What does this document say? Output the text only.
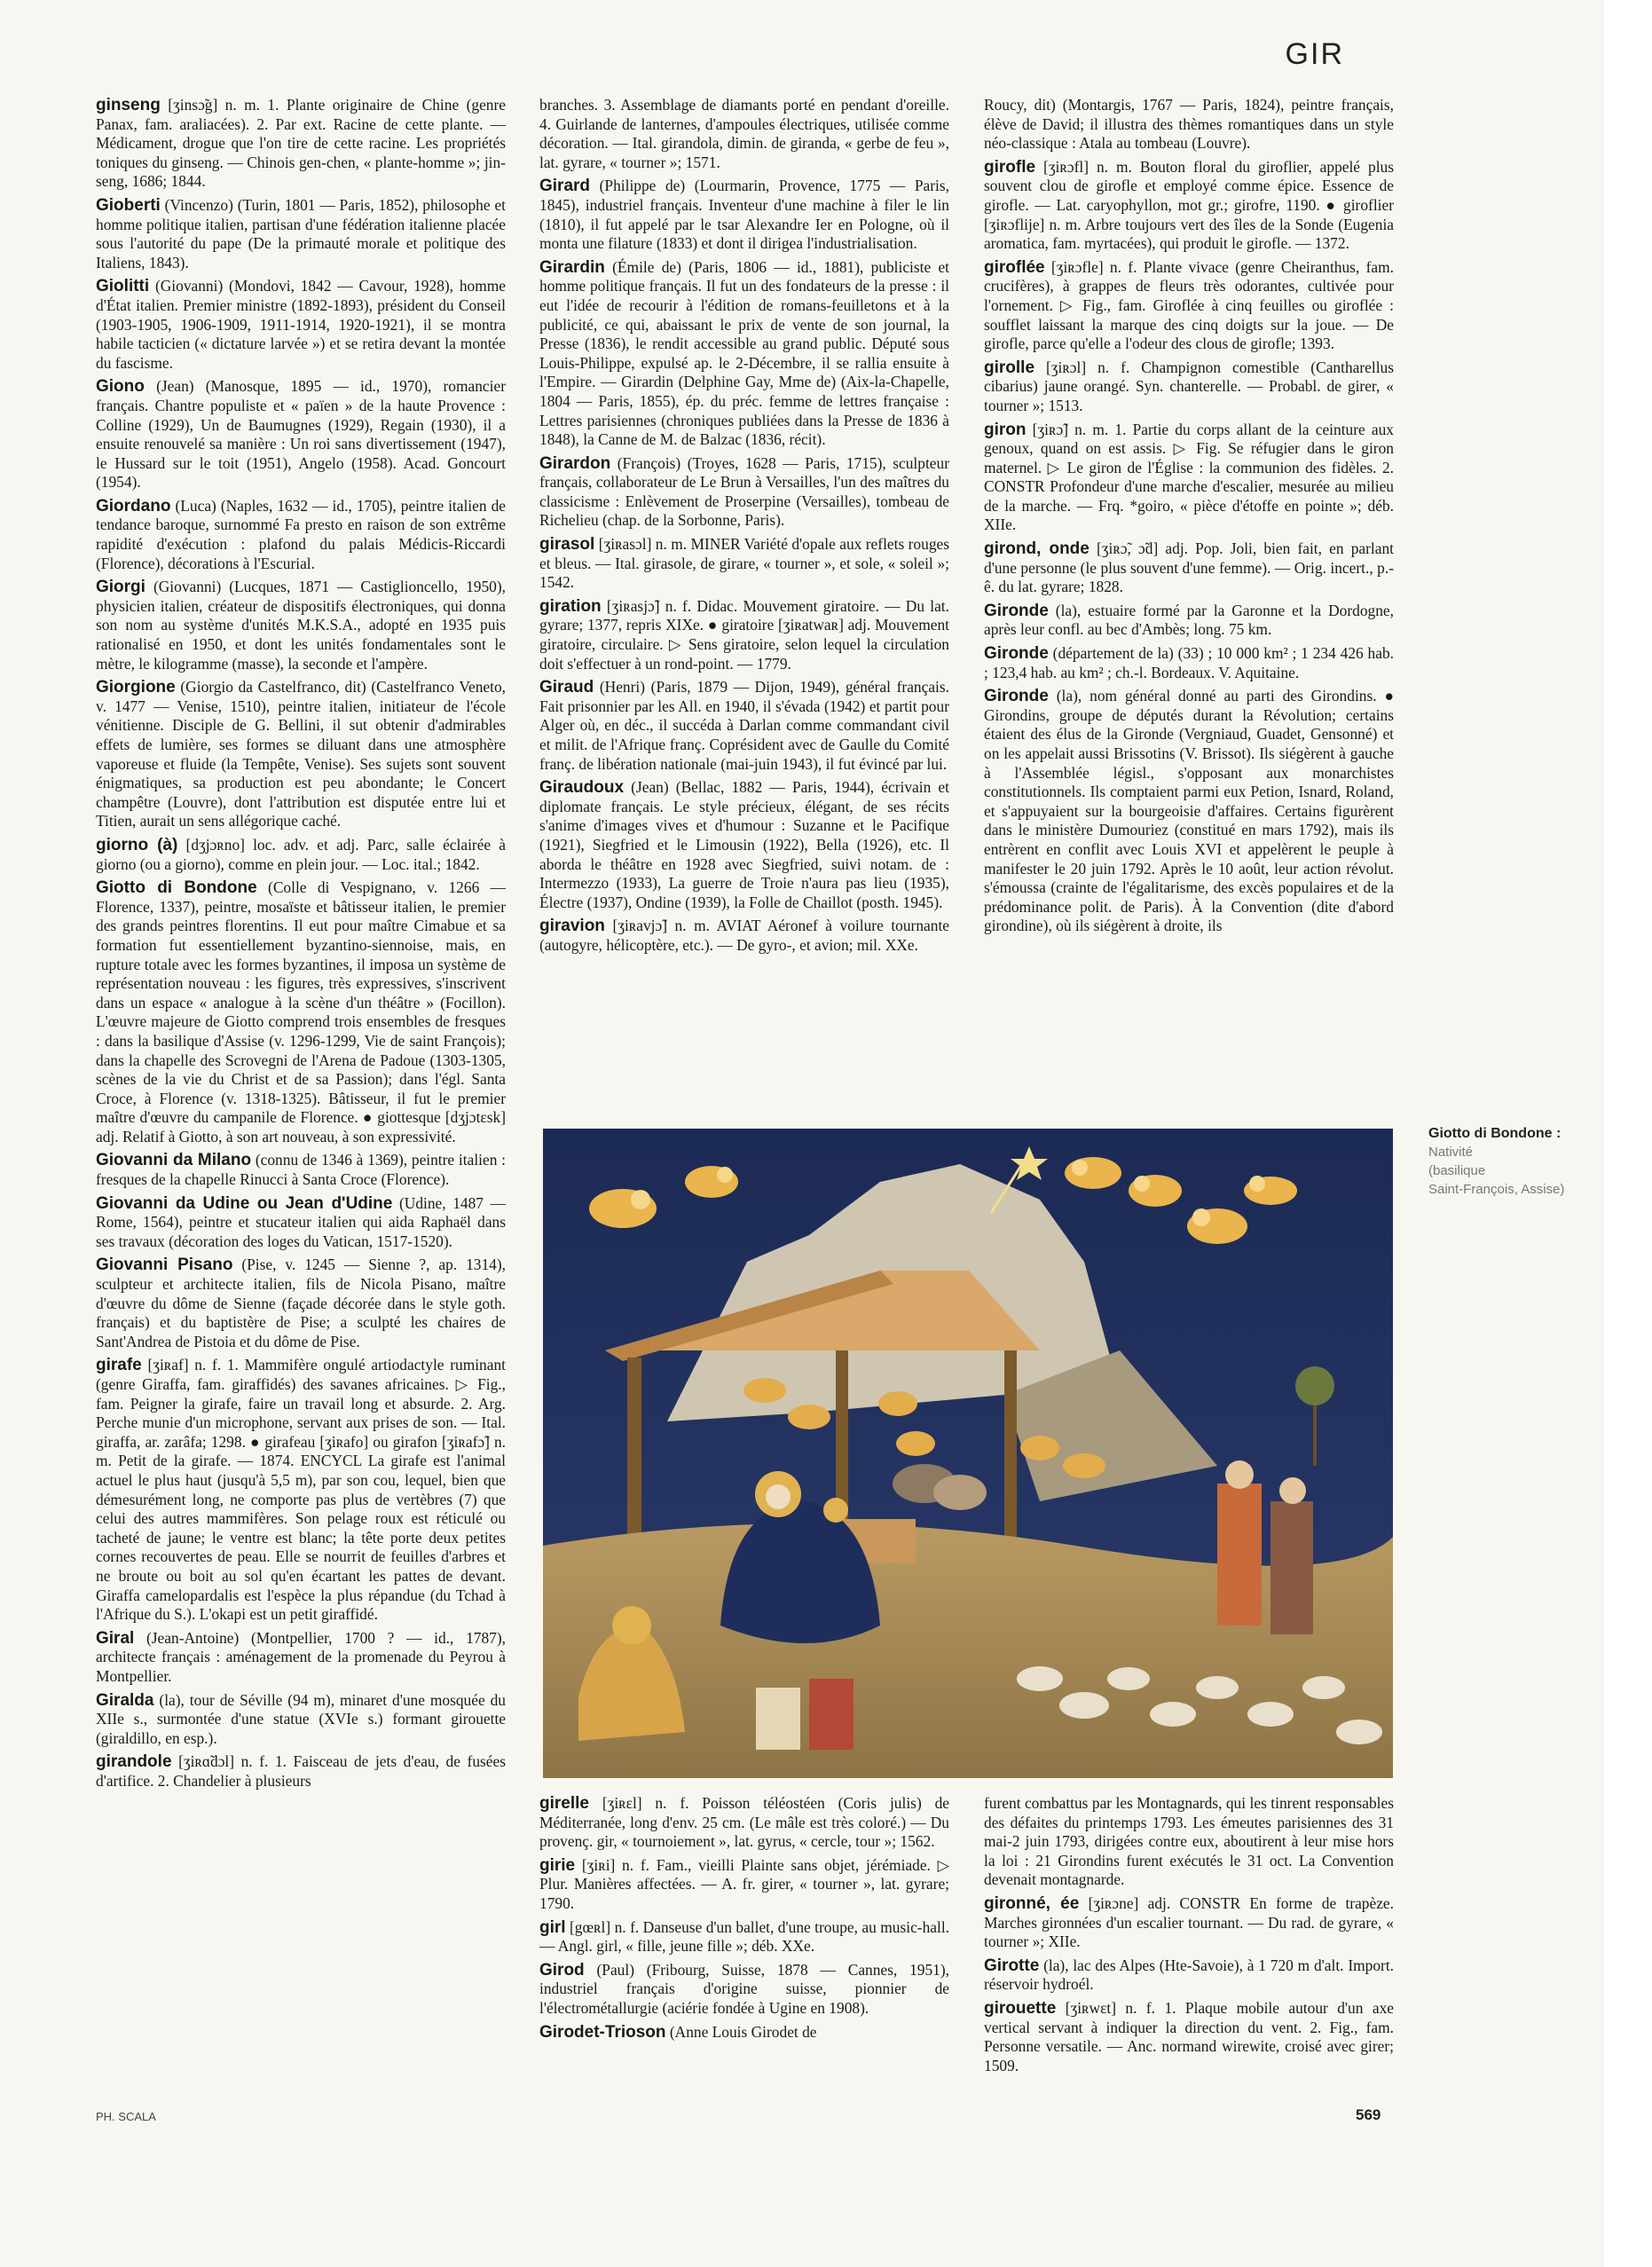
GIR
ginseng [ʒinsɔ̃g] n. m. 1. Plante originaire de Chine (genre Panax, fam. araliacées). 2. Par ext. Racine de cette plante. — Médicament, drogue que l'on tire de cette racine. Les propriétés toniques du ginseng. — Chinois gen-chen, « plante-homme »; jin-seng, 1686; 1844.
Gioberti (Vincenzo) (Turin, 1801 — Paris, 1852), philosophe et homme politique italien, partisan d'une fédération italienne placée sous l'autorité du pape (De la primauté morale et politique des Italiens, 1843).
Giolitti (Giovanni) (Mondovi, 1842 — Cavour, 1928), homme d'État italien. Premier ministre (1892-1893), président du Conseil (1903-1905, 1906-1909, 1911-1914, 1920-1921), il se montra habile tacticien (« dictature larvée ») et se retira devant la montée du fascisme.
Giono (Jean) (Manosque, 1895 — id., 1970), romancier français. Chantre populiste et « païen » de la haute Provence : Colline (1929), Un de Baumugnes (1929), Regain (1930), il a ensuite renouvelé sa manière : Un roi sans divertissement (1947), le Hussard sur le toit (1951), Angelo (1958). Acad. Goncourt (1954).
Giordano (Luca) (Naples, 1632 — id., 1705), peintre italien de tendance baroque, surnommé Fa presto en raison de son extrême rapidité d'exécution : plafond du palais Médicis-Riccardi (Florence), décorations à l'Escurial.
Giorgi (Giovanni) (Lucques, 1871 — Castiglioncello, 1950), physicien italien, créateur de dispositifs électroniques, qui donna son nom au système d'unités M.K.S.A., adopté en 1935 puis rationalisé en 1950, et dont les unités fondamentales sont le mètre, le kilogramme (masse), la seconde et l'ampère.
Giorgione (Giorgio da Castelfranco, dit) (Castelfranco Veneto, v. 1477 — Venise, 1510), peintre italien, initiateur de l'école vénitienne. Disciple de G. Bellini, il sut obtenir d'admirables effets de lumière, ses formes se diluant dans une atmosphère vaporeuse et fluide (la Tempête, Venise). Ses sujets sont souvent énigmatiques, sa production est peu abondante; le Concert champêtre (Louvre), dont l'attribution est disputée entre lui et Titien, aurait un sens allégorique caché.
giorno (à) [dʒjɔʀno] loc. adv. et adj. Parc, salle éclairée à giorno (ou a giorno), comme en plein jour. — Loc. ital.; 1842.
Giotto di Bondone (Colle di Vespignano, v. 1266 — Florence, 1337), peintre, mosaïste et bâtisseur italien, le premier des grands peintres florentins. Il eut pour maître Cimabue et sa formation fut essentiellement byzantino-siennoise, mais, en rupture totale avec les formes byzantines, il imposa un système de représentation nouveau : les figures, très expressives, s'inscrivent dans un espace « analogue à la scène d'un théâtre » (Focillon). L'œuvre majeure de Giotto comprend trois ensembles de fresques : dans la basilique d'Assise (v. 1296-1299, Vie de saint François); dans la chapelle des Scrovegni de l'Arena de Padoue (1303-1305, scènes de la vie du Christ et de sa Passion); dans l'égl. Santa Croce, à Florence (v. 1318-1325). Bâtisseur, il fut le premier maître d'œuvre du campanile de Florence. ● giottesque [dʒjɔtɛsk] adj. Relatif à Giotto, à son art nouveau, à son expressivité.
Giovanni da Milano (connu de 1346 à 1369), peintre italien : fresques de la chapelle Rinucci à Santa Croce (Florence).
Giovanni da Udine ou Jean d'Udine (Udine, 1487 — Rome, 1564), peintre et stucateur italien qui aida Raphaël dans ses travaux (décoration des loges du Vatican, 1517-1520).
Giovanni Pisano (Pise, v. 1245 — Sienne ?, ap. 1314), sculpteur et architecte italien, fils de Nicola Pisano, maître d'œuvre du dôme de Sienne (façade décorée dans le style goth. français) et du baptistère de Pise; a sculpté les chaires de Sant'Andrea de Pistoia et du dôme de Pise.
girafe [ʒiʀaf] n. f. 1. Mammifère ongulé artiodactyle ruminant (genre Giraffa, fam. giraffidés) des savanes africaines. ▷ Fig., fam. Peigner la girafe, faire un travail long et absurde. 2. Arg. Perche munie d'un microphone, servant aux prises de son. — Ital. giraffa, ar. zarâfa; 1298. ● girafeau [ʒiʀafo] ou girafon [ʒiʀafɔ̃] n. m. Petit de la girafe. — 1874. ENCYCL La girafe est l'animal actuel le plus haut (jusqu'à 5,5 m), par son cou, lequel, bien que démesurément long, ne comporte pas plus de vertèbres (7) que celui des autres mammifères. Son pelage roux est réticulé ou tacheté de jaune; le ventre est blanc; la tête porte deux petites cornes recouvertes de peau. Elle se nourrit de feuilles d'arbres et ne broute ou boit au sol qu'en écartant les pattes de devant. Giraffa camelopardalis est l'espèce la plus répandue (du Tchad à l'Afrique du S.). L'okapi est un petit giraffidé.
Giral (Jean-Antoine) (Montpellier, 1700 ? — id., 1787), architecte français : aménagement de la promenade du Peyrou à Montpellier.
Giralda (la), tour de Séville (94 m), minaret d'une mosquée du XIIe s., surmontée d'une statue (XVIe s.) formant girouette (giraldillo, en esp.).
girandole [ʒiʀɑ̃dɔl] n. f. 1. Faisceau de jets d'eau, de fusées d'artifice. 2. Chandelier à plusieurs
branches. 3. Assemblage de diamants porté en pendant d'oreille. 4. Guirlande de lanternes, d'ampoules électriques, utilisée comme décoration. — Ital. girandola, dimin. de giranda, « gerbe de feu », lat. gyrare, « tourner »; 1571.
Girard (Philippe de) (Lourmarin, Provence, 1775 — Paris, 1845), industriel français. Inventeur d'une machine à filer le lin (1810), il fut appelé par le tsar Alexandre Ier en Pologne, où il monta une filature (1833) et dont il dirigea l'industrialisation.
Girardin (Émile de) (Paris, 1806 — id., 1881), publiciste et homme politique français. Il fut un des fondateurs de la presse : il eut l'idée de recourir à l'édition de romans-feuilletons et à la publicité, ce qui, abaissant le prix de vente de son journal, la Presse (1836), le rendit accessible au grand public. Député sous Louis-Philippe, expulsé ap. le 2-Décembre, il se rallia ensuite à l'Empire. — Girardin (Delphine Gay, Mme de) (Aix-la-Chapelle, 1804 — Paris, 1855), ép. du préc. femme de lettres française : Lettres parisiennes (chroniques publiées dans la Presse de 1836 à 1848), la Canne de M. de Balzac (1836, récit).
Girardon (François) (Troyes, 1628 — Paris, 1715), sculpteur français, collaborateur de Le Brun à Versailles, l'un des maîtres du classicisme : Enlèvement de Proserpine (Versailles), tombeau de Richelieu (chap. de la Sorbonne, Paris).
girasol [ʒiʀasɔl] n. m. MINER Variété d'opale aux reflets rouges et bleus. — Ital. girasole, de girare, « tourner », et sole, « soleil »; 1542.
giration [ʒiʀasjɔ̃] n. f. Didac. Mouvement giratoire. — Du lat. gyrare; 1377, repris XIXe. ● giratoire [ʒiʀatwaʀ] adj. Mouvement giratoire, circulaire. ▷ Sens giratoire, selon lequel la circulation doit s'effectuer à un rond-point. — 1779.
Giraud (Henri) (Paris, 1879 — Dijon, 1949), général français. Fait prisonnier par les All. en 1940, il s'évada (1942) et partit pour Alger où, en déc., il succéda à Darlan comme commandant civil et milit. de l'Afrique franç. Coprésident avec de Gaulle du Comité franç. de libération nationale (mai-juin 1943), il fut évincé par lui.
Giraudoux (Jean) (Bellac, 1882 — Paris, 1944), écrivain et diplomate français. Le style précieux, élégant, de ses récits s'anime d'images vives et d'humour : Suzanne et le Pacifique (1921), Siegfried et le Limousin (1922), Bella (1926), etc. Il aborda le théâtre en 1928 avec Siegfried, suivi notam. de : Intermezzo (1933), La guerre de Troie n'aura pas lieu (1935), Électre (1937), Ondine (1939), la Folle de Chaillot (posth. 1945).
giravion [ʒiʀavjɔ̃] n. m. AVIAT Aéronef à voilure tournante (autogyre, hélicoptère, etc.). — De gyro-, et avion; mil. XXe.
Roucy, dit) (Montargis, 1767 — Paris, 1824), peintre français, élève de David; il illustra des thèmes romantiques dans un style néo-classique : Atala au tombeau (Louvre).
girofle [ʒiʀɔfl] n. m. Bouton floral du giroflier, appelé plus souvent clou de girofle et employé comme épice. Essence de girofle. — Lat. caryophyllon, mot gr.; girofre, 1190. ● giroflier [ʒiʀɔflije] n. m. Arbre toujours vert des îles de la Sonde (Eugenia aromatica, fam. myrtacées), qui produit le girofle. — 1372.
giroflée [ʒiʀɔfle] n. f. Plante vivace (genre Cheiranthus, fam. crucifères), à grappes de fleurs très odorantes, cultivée pour l'ornement. ▷ Fig., fam. Giroflée à cinq feuilles ou giroflée : soufflet laissant la marque des cinq doigts sur la joue. — De girofle, parce qu'elle a l'odeur des clous de girofle; 1393.
girolle [ʒiʀɔl] n. f. Champignon comestible (Cantharellus cibarius) jaune orangé. Syn. chanterelle. — Probabl. de girer, « tourner »; 1513.
giron [ʒiʀɔ̃] n. m. 1. Partie du corps allant de la ceinture aux genoux, quand on est assis. ▷ Fig. Se réfugier dans le giron maternel. ▷ Le giron de l'Église : la communion des fidèles. 2. CONSTR Profondeur d'une marche d'escalier, mesurée au milieu de la marche. — Frq. *goiro, « pièce d'étoffe en pointe »; déb. XIIe.
girond, onde [ʒiʀɔ̃, ɔ̃d] adj. Pop. Joli, bien fait, en parlant d'une personne (le plus souvent d'une femme). — Orig. incert., p.-ê. du lat. gyrare; 1828.
Gironde (la), estuaire formé par la Garonne et la Dordogne, après leur confl. au bec d'Ambès; long. 75 km.
Gironde (département de la) (33) ; 10 000 km² ; 1 234 426 hab. ; 123,4 hab. au km² ; ch.-l. Bordeaux. V. Aquitaine.
Gironde (la), nom général donné au parti des Girondins. ● Girondins, groupe de députés durant la Révolution; certains étaient des élus de la Gironde (Vergniaud, Guadet, Gensonné) et on les appelait aussi Brissotins (V. Brissot). Ils siégèrent à gauche à l'Assemblée législ., s'opposant aux monarchistes constitutionnels. Ils comptaient parmi eux Petion, Isnard, Roland, et s'appuyaient sur la bourgeoisie d'affaires. Certains figurèrent dans le ministère Dumouriez (constitué en mars 1792), mais ils entrèrent en conflit avec Louis XVI et appelèrent le peuple à manifester le 20 juin 1792. Après le 10 août, leur action révolut. s'émoussa (crainte de l'égalitarisme, des excès populaires et de la prédominance polit. de Paris). À la Convention (dite d'abord girondine), où ils siégèrent à droite, ils
Giotto di Bondone :
Nativité
(basilique
Saint-François, Assise)
girelle [ʒiʀɛl] n. f. Poisson téléostéen (Coris julis) de Méditerranée, long d'env. 25 cm. (Le mâle est très coloré.) — Du provenç. gir, « tournoiement », lat. gyrus, « cercle, tour »; 1562.
girie [ʒiʀi] n. f. Fam., vieilli Plainte sans objet, jérémiade. ▷ Plur. Manières affectées. — A. fr. girer, « tourner », lat. gyrare; 1790.
girl [gœʀl] n. f. Danseuse d'un ballet, d'une troupe, au music-hall. — Angl. girl, « fille, jeune fille »; déb. XXe.
Girod (Paul) (Fribourg, Suisse, 1878 — Cannes, 1951), industriel français d'origine suisse, pionnier de l'électrométallurgie (aciérie fondée à Ugine en 1908).
Girodet-Trioson (Anne Louis Girodet de
furent combattus par les Montagnards, qui les tinrent responsables des défaites du printemps 1793. Les émeutes parisiennes des 31 mai-2 juin 1793, dirigées contre eux, aboutirent à leur mise hors la loi : 21 Girondins furent exécutés le 31 oct. La Convention devenait montagnarde.
gironné, ée [ʒiʀɔne] adj. CONSTR En forme de trapèze. Marches gironnées d'un escalier tournant. — Du rad. de gyrare, « tourner »; XIIe.
Girotte (la), lac des Alpes (Hte-Savoie), à 1 720 m d'alt. Import. réservoir hydroél.
girouette [ʒiʀwɛt] n. f. 1. Plaque mobile autour d'un axe vertical servant à indiquer la direction du vent. 2. Fig., fam. Personne versatile. — Anc. normand wirewite, croisé avec girer; 1509.
PH. SCALA	569
